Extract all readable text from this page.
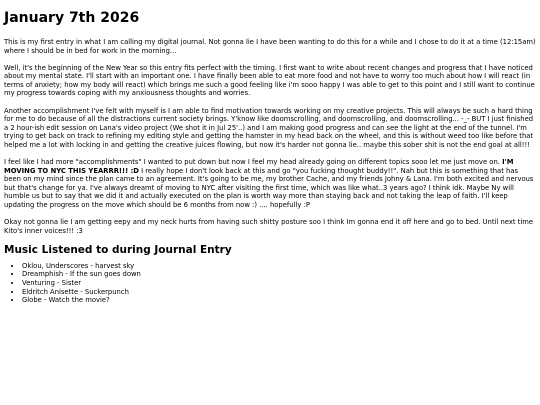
January 7th 2026

This is my first entry in what I am calling my digital journal. Not gonna lie I have been wanting to do this for a while and I chose to do it at a time (12:15am) where I should be in bed for work in the morning...

Well, it's the beginning of the New Year so this entry fits perfect with the timing. I first want to write about recent changes and progress that I have noticed about my mental state. I'll start with an important one. I have finally been able to eat more food and not have to worry too much about how I will react (in terms of anxiety; how my body will react) which brings me such a good feeling like i'm sooo happy I was able to get to this point and I still want to continue my progress towards coping with my anxiousness thoughts and worries.

Another accomplishment I've felt with myself is I am able to find motivation towards working on my creative projects. This will always be such a hard thing for me to do because of all the distractions current society brings. Y'know like doomscrolling, and doomscrolling, and doomscrolling... -_- BUT I just finished a 2 hour-ish edit session on Lana's video project (We shot it in Jul 25'..) and I am making good progress and can see the light at the end of the tunnel. I'm trying to get back on track to refining my editing style and getting the hamster in my head back on the wheel, and this is without weed too like before that helped me a lot with locking in and getting the creative juices flowing, but now it's harder not gonna lie.. maybe this sober shit is not the end goal at all!!!

I feel like I had more "accomplishments" I wanted to put down but now I feel my head already going on different topics sooo let me just move on. I'M MOVING TO NYC THIS YEARRR!!! :D I really hope I don't look back at this and go "you fucking thought buddy!!". Nah but this is something that has been on my mind since the plan came to an agreement. It's going to be me, my brother Cache, and my friends Johny & Lana. I'm both excited and nervous but that's change for ya. I've always dreamt of moving to NYC after visiting the first time, which was like what..3 years ago? I think idk. Maybe Ny will humble us but to say that we did it and actually executed on the plan is worth way more than staying back and not taking the leap of faith. I'll keep updating the progress on the move which should be 6 months from now :) .... hopefully :P

Okay not gonna lie I am getting eepy and my neck hurts from having such shitty posture soo I think Im gonna end it off here and go to bed. Until next time Kito's inner voices!!! :3

Music Listened to during Journal Entry
• Oklou, Underscores - harvest sky
• Dreamphish - If the sun goes down
• Venturing - Sister
• Eldritch Anisette - Suckerpunch
• Globe - Watch the movie?
